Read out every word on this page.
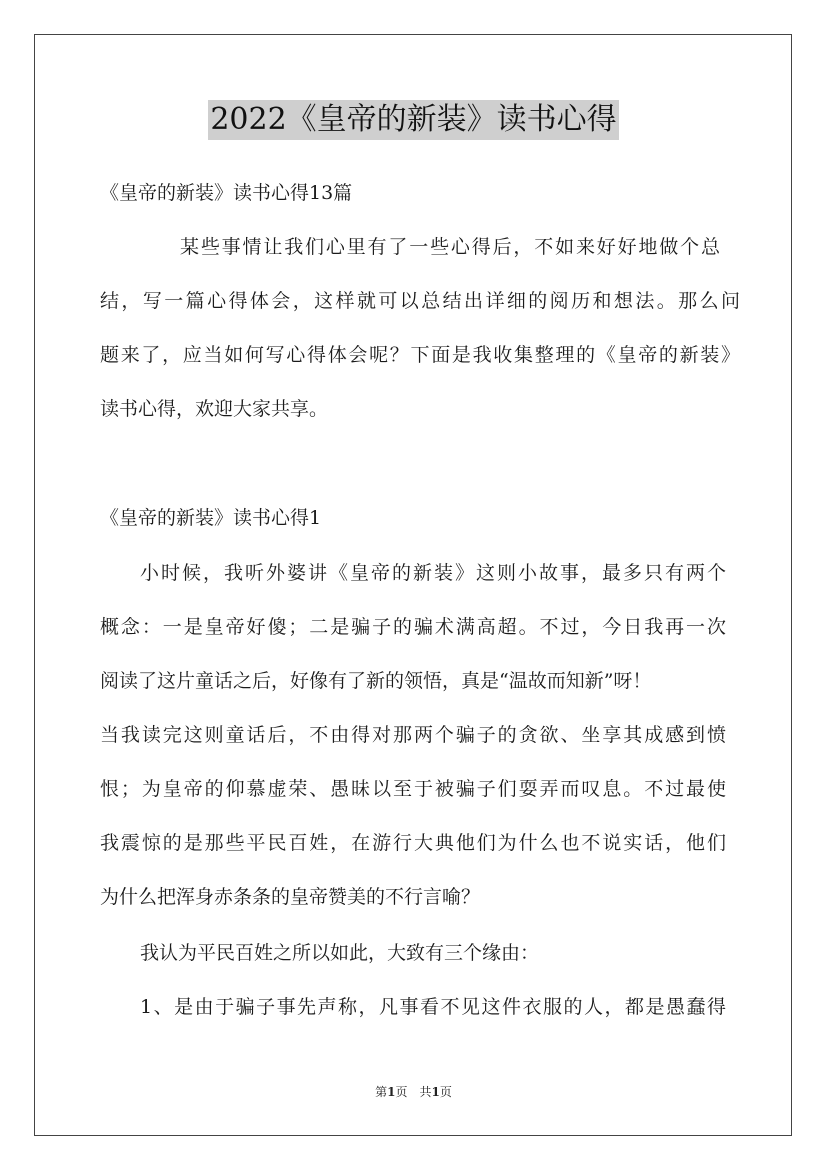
2022《皇帝的新装》读书心得
《皇帝的新装》读书心得13篇
某些事情让我们心里有了一些心得后，不如来好好地做个总
结，写一篇心得体会，这样就可以总结出详细的阅历和想法。那么问
题来了，应当如何写心得体会呢？下面是我收集整理的《皇帝的新装》
读书心得，欢迎大家共享。
《皇帝的新装》读书心得1
小时候，我听外婆讲《皇帝的新装》这则小故事，最多只有两个
概念：一是皇帝好傻；二是骗子的骗术满高超。不过，今日我再一次
阅读了这片童话之后，好像有了新的领悟，真是“温故而知新”呀！
当我读完这则童话后，不由得对那两个骗子的贪欲、坐享其成感到愤
恨；为皇帝的仰慕虚荣、愚昧以至于被骗子们耍弄而叹息。不过最使
我震惊的是那些平民百姓，在游行大典他们为什么也不说实话，他们
为什么把浑身赤条条的皇帝赞美的不行言喻？
我认为平民百姓之所以如此，大致有三个缘由：
1、是由于骗子事先声称，凡事看不见这件衣服的人，都是愚蠢得
第1页 共1页
